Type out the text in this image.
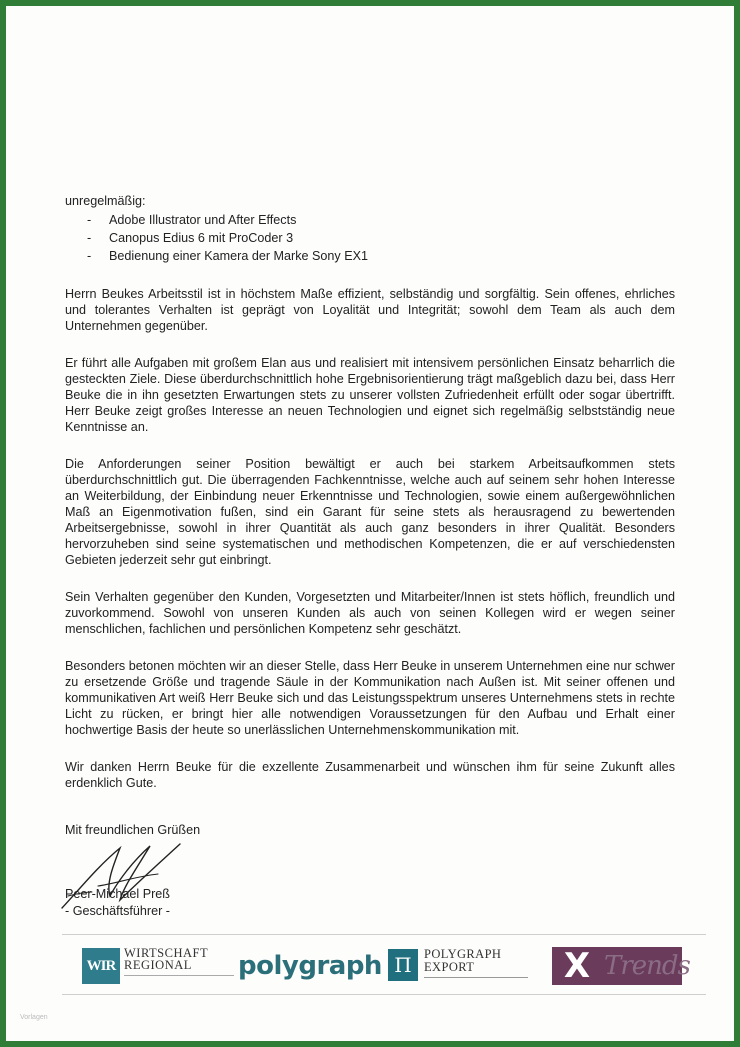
unregelmäßig:

- Adobe Illustrator und After Effects
- Canopus Edius 6 mit ProCoder 3
- Bedienung einer Kamera der Marke Sony EX1

Herrn Beukes Arbeitsstil ist in höchstem Maße effizient, selbständig und sorgfältig. Sein offenes, ehrliches und tolerantes Verhalten ist geprägt von Loyalität und Integrität; sowohl dem Team als auch dem Unternehmen gegenüber.

Er führt alle Aufgaben mit großem Elan aus und realisiert mit intensivem persönlichen Einsatz beharrlich die gesteckten Ziele. Diese überdurchschnittlich hohe Ergebnisorientierung trägt maßgeblich dazu bei, dass Herr Beuke die in ihn gesetzten Erwartungen stets zu unserer vollsten Zufriedenheit erfüllt oder sogar übertrifft. Herr Beuke zeigt großes Interesse an neuen Technologien und eignet sich regelmäßig selbstständig neue Kenntnisse an.

Die Anforderungen seiner Position bewältigt er auch bei starkem Arbeitsaufkommen stets überdurchschnittlich gut. Die überragenden Fachkenntnisse, welche auch auf seinem sehr hohen Interesse an Weiterbildung, der Einbindung neuer Erkenntnisse und Technologien, sowie einem außergewöhnlichen Maß an Eigenmotivation fußen, sind ein Garant für seine stets als herausragend zu bewertenden Arbeitsergebnisse, sowohl in ihrer Quantität als auch ganz besonders in ihrer Qualität. Besonders hervorzuheben sind seine systematischen und methodischen Kompetenzen, die er auf verschiedensten Gebieten jederzeit sehr gut einbringt.

Sein Verhalten gegenüber den Kunden, Vorgesetzten und Mitarbeiter/Innen ist stets höflich, freundlich und zuvorkommend. Sowohl von unseren Kunden als auch von seinen Kollegen wird er wegen seiner menschlichen, fachlichen und persönlichen Kompetenz sehr geschätzt.

Besonders betonen möchten wir an dieser Stelle, dass Herr Beuke in unserem Unternehmen eine nur schwer zu ersetzende Größe und tragende Säule in der Kommunikation nach Außen ist. Mit seiner offenen und kommunikativen Art weiß Herr Beuke sich und das Leistungsspektrum unseres Unternehmens stets in rechte Licht zu rücken, er bringt hier alle notwendigen Voraussetzungen für den Aufbau und Erhalt einer hochwertige Basis der heute so unerlässlichen Unternehmenskommunikation mit.

Wir danken Herrn Beuke für die exzellente Zusammenarbeit und wünschen ihm für seine Zukunft alles erdenklich Gute.

Mit freundlichen Grüßen
Peer-Michael Preß
- Geschäftsführer -
WIR
WIRTSCHAFT
REGIONAL	polygraph Π POLYGRAPH
EXPORT	X Trends
Vorlagen
